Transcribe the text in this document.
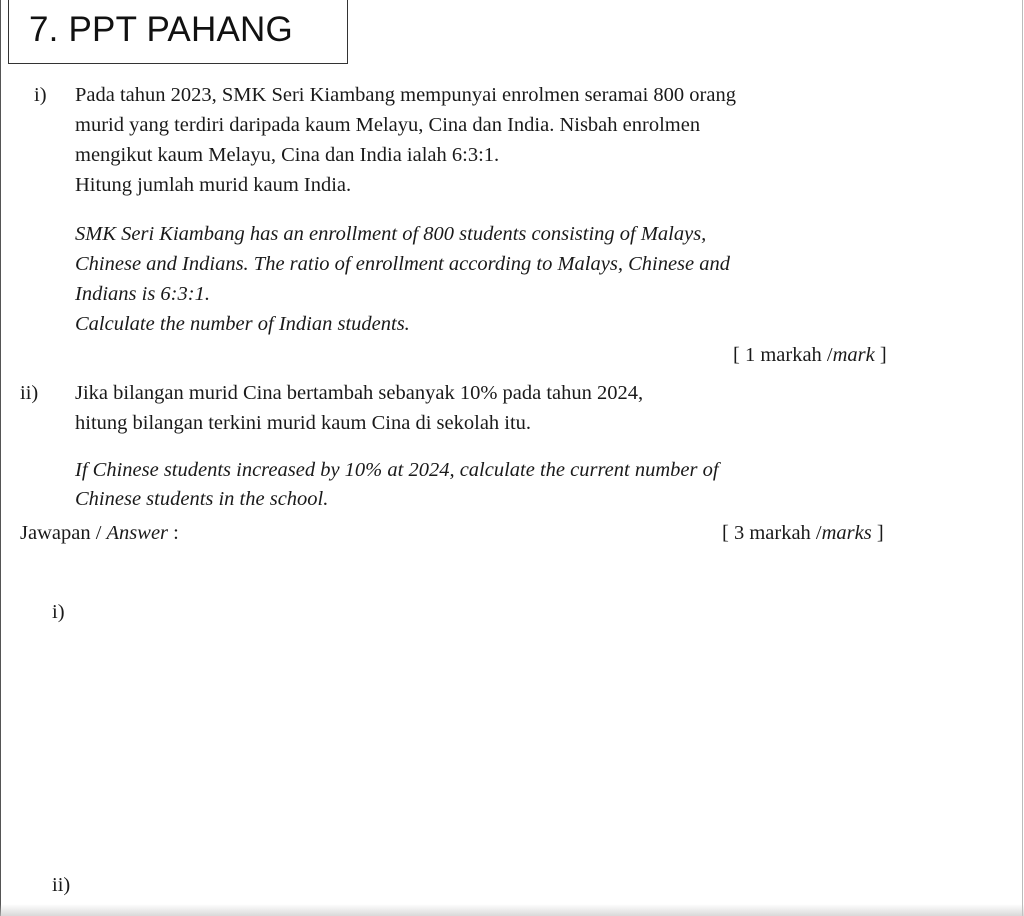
7. PPT PAHANG
i) Pada tahun 2023, SMK Seri Kiambang mempunyai enrolmen seramai 800 orang
murid yang terdiri daripada kaum Melayu, Cina dan India. Nisbah enrolmen
mengikut kaum Melayu, Cina dan India ialah 6:3:1.
Hitung jumlah murid kaum India.
SMK Seri Kiambang has an enrollment of 800 students consisting of Malays,
Chinese and Indians. The ratio of enrollment according to Malays, Chinese and
Indians is 6:3:1.
Calculate the number of Indian students.
[ 1 markah /mark ]
ii) Jika bilangan murid Cina bertambah sebanyak 10% pada tahun 2024,
hitung bilangan terkini murid kaum Cina di sekolah itu.
If Chinese students increased by 10% at 2024, calculate the current number of
Chinese students in the school.
Jawapan / Answer :	[ 3 markah /marks ]
i)
ii)
